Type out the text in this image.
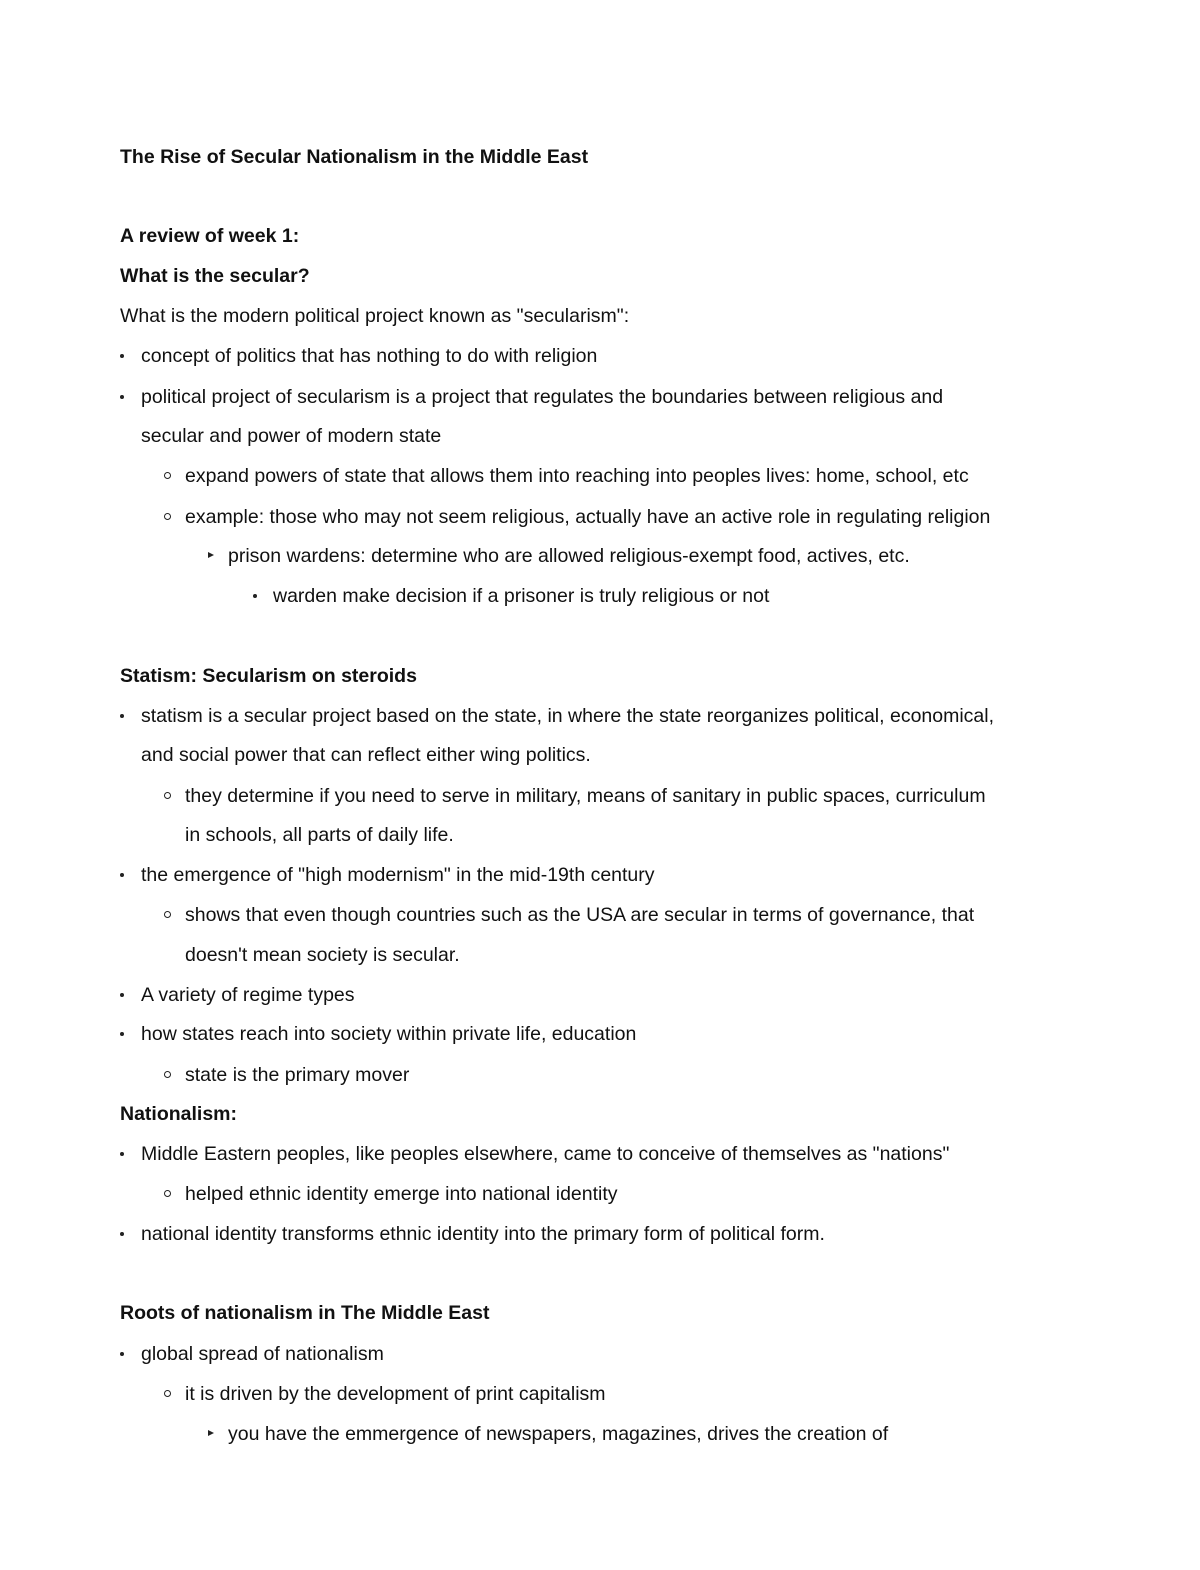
The Rise of Secular Nationalism in the Middle East
A review of week 1:
What is the secular?
What is the modern political project known as "secularism":
concept of politics that has nothing to do with religion
political project of secularism is a project that regulates the boundaries between religious and
secular and power of modern state
expand powers of state that allows them into reaching into peoples lives: home, school, etc
example: those who may not seem religious, actually have an active role in regulating religion
prison wardens: determine who are allowed religious-exempt food, actives, etc.
warden make decision if a prisoner is truly religious or not
Statism: Secularism on steroids
statism is a secular project based on the state, in where the state reorganizes political, economical,
and social power that can reflect either wing politics.
they determine if you need to serve in military, means of sanitary in public spaces, curriculum
in schools, all parts of daily life.
the emergence of "high modernism" in the mid-19th century
shows that even though countries such as the USA are secular in terms of governance, that
doesn't mean society is secular.
A variety of regime types
how states reach into society within private life, education
state is the primary mover
Nationalism:
Middle Eastern peoples, like peoples elsewhere, came to conceive of themselves as "nations"
helped ethnic identity emerge into national identity
national identity transforms ethnic identity into the primary form of political form.
Roots of nationalism in The Middle East
global spread of nationalism
it is driven by the development of print capitalism
you have the emmergence of newspapers, magazines, drives the creation of
